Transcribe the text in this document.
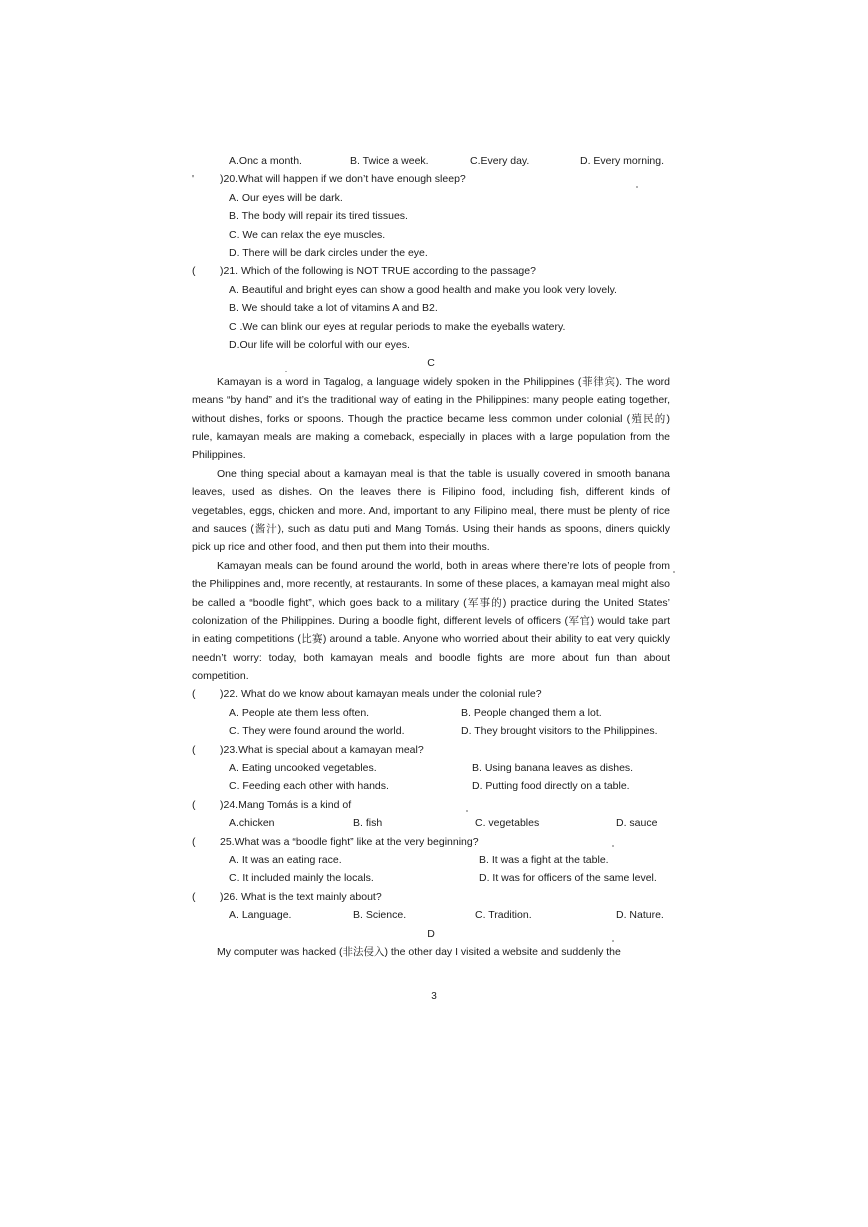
A.Onc a month.	B. Twice a week.	C.Every day.	D. Every morning.
'	)20.What will happen if we don’t have enough sleep?
A. Our eyes will be dark.
B. The body will repair its tired tissues.
C. We can relax the eye muscles.
D. There will be dark circles under the eye.
(	)21. Which of the following is NOT TRUE according to the passage?
A. Beautiful and bright eyes can show a good health and make you look very lovely.
B. We should take a lot of vitamins A and B2.
C .We can blink our eyes at regular periods to make the eyeballs watery.
D.Our life will be colorful with our eyes.
C

Kamayan is a word in Tagalog, a language widely spoken in the Philippines (菲律宾). The word means “by hand” and it’s the traditional way of eating in the Philippines: many people eating together, without dishes, forks or spoons. Though the practice became less common under colonial (殖民的) rule, kamayan meals are making a comeback, especially in places with a large population from the Philippines.

One thing special about a kamayan meal is that the table is usually covered in smooth banana leaves, used as dishes. On the leaves there is Filipino food, including fish, different kinds of vegetables, eggs, chicken and more. And, important to any Filipino meal, there must be plenty of rice and sauces (酱汁), such as datu puti and Mang Tomás. Using their hands as spoons, diners quickly pick up rice and other food, and then put them into their mouths.

Kamayan meals can be found around the world, both in areas where there’re lots of people from the Philippines and, more recently, at restaurants. In some of these places, a kamayan meal might also be called a “boodle fight”, which goes back to a military (军事的) practice during the United States’ colonization of the Philippines. During a boodle fight, different levels of officers (军官) would take part in eating competitions (比赛) around a table. Anyone who worried about their ability to eat very quickly needn’t worry: today, both kamayan meals and boodle fights are more about fun than about competition.

(	)22. What do we know about kamayan meals under the colonial rule?
A. People ate them less often.	B. People changed them a lot.
C. They were found around the world.	D. They brought visitors to the Philippines.
(	)23.What is special about a kamayan meal?
A. Eating uncooked vegetables.	B. Using banana leaves as dishes.
C. Feeding each other with hands.	D. Putting food directly on a table.
(	)24.Mang Tomás is a kind of
A.chicken	B. fish	C. vegetables	D. sauce
(	25.What was a “boodle fight” like at the very beginning?
A. It was an eating race.	B. It was a fight at the table.
C. It included mainly the locals.	D. It was for officers of the same level.
(	)26. What is the text mainly about?
A. Language.	B. Science.	C. Tradition.	D. Nature.
D
My computer was hacked (非法侵入) the other day I visited a website and suddenly the
3
